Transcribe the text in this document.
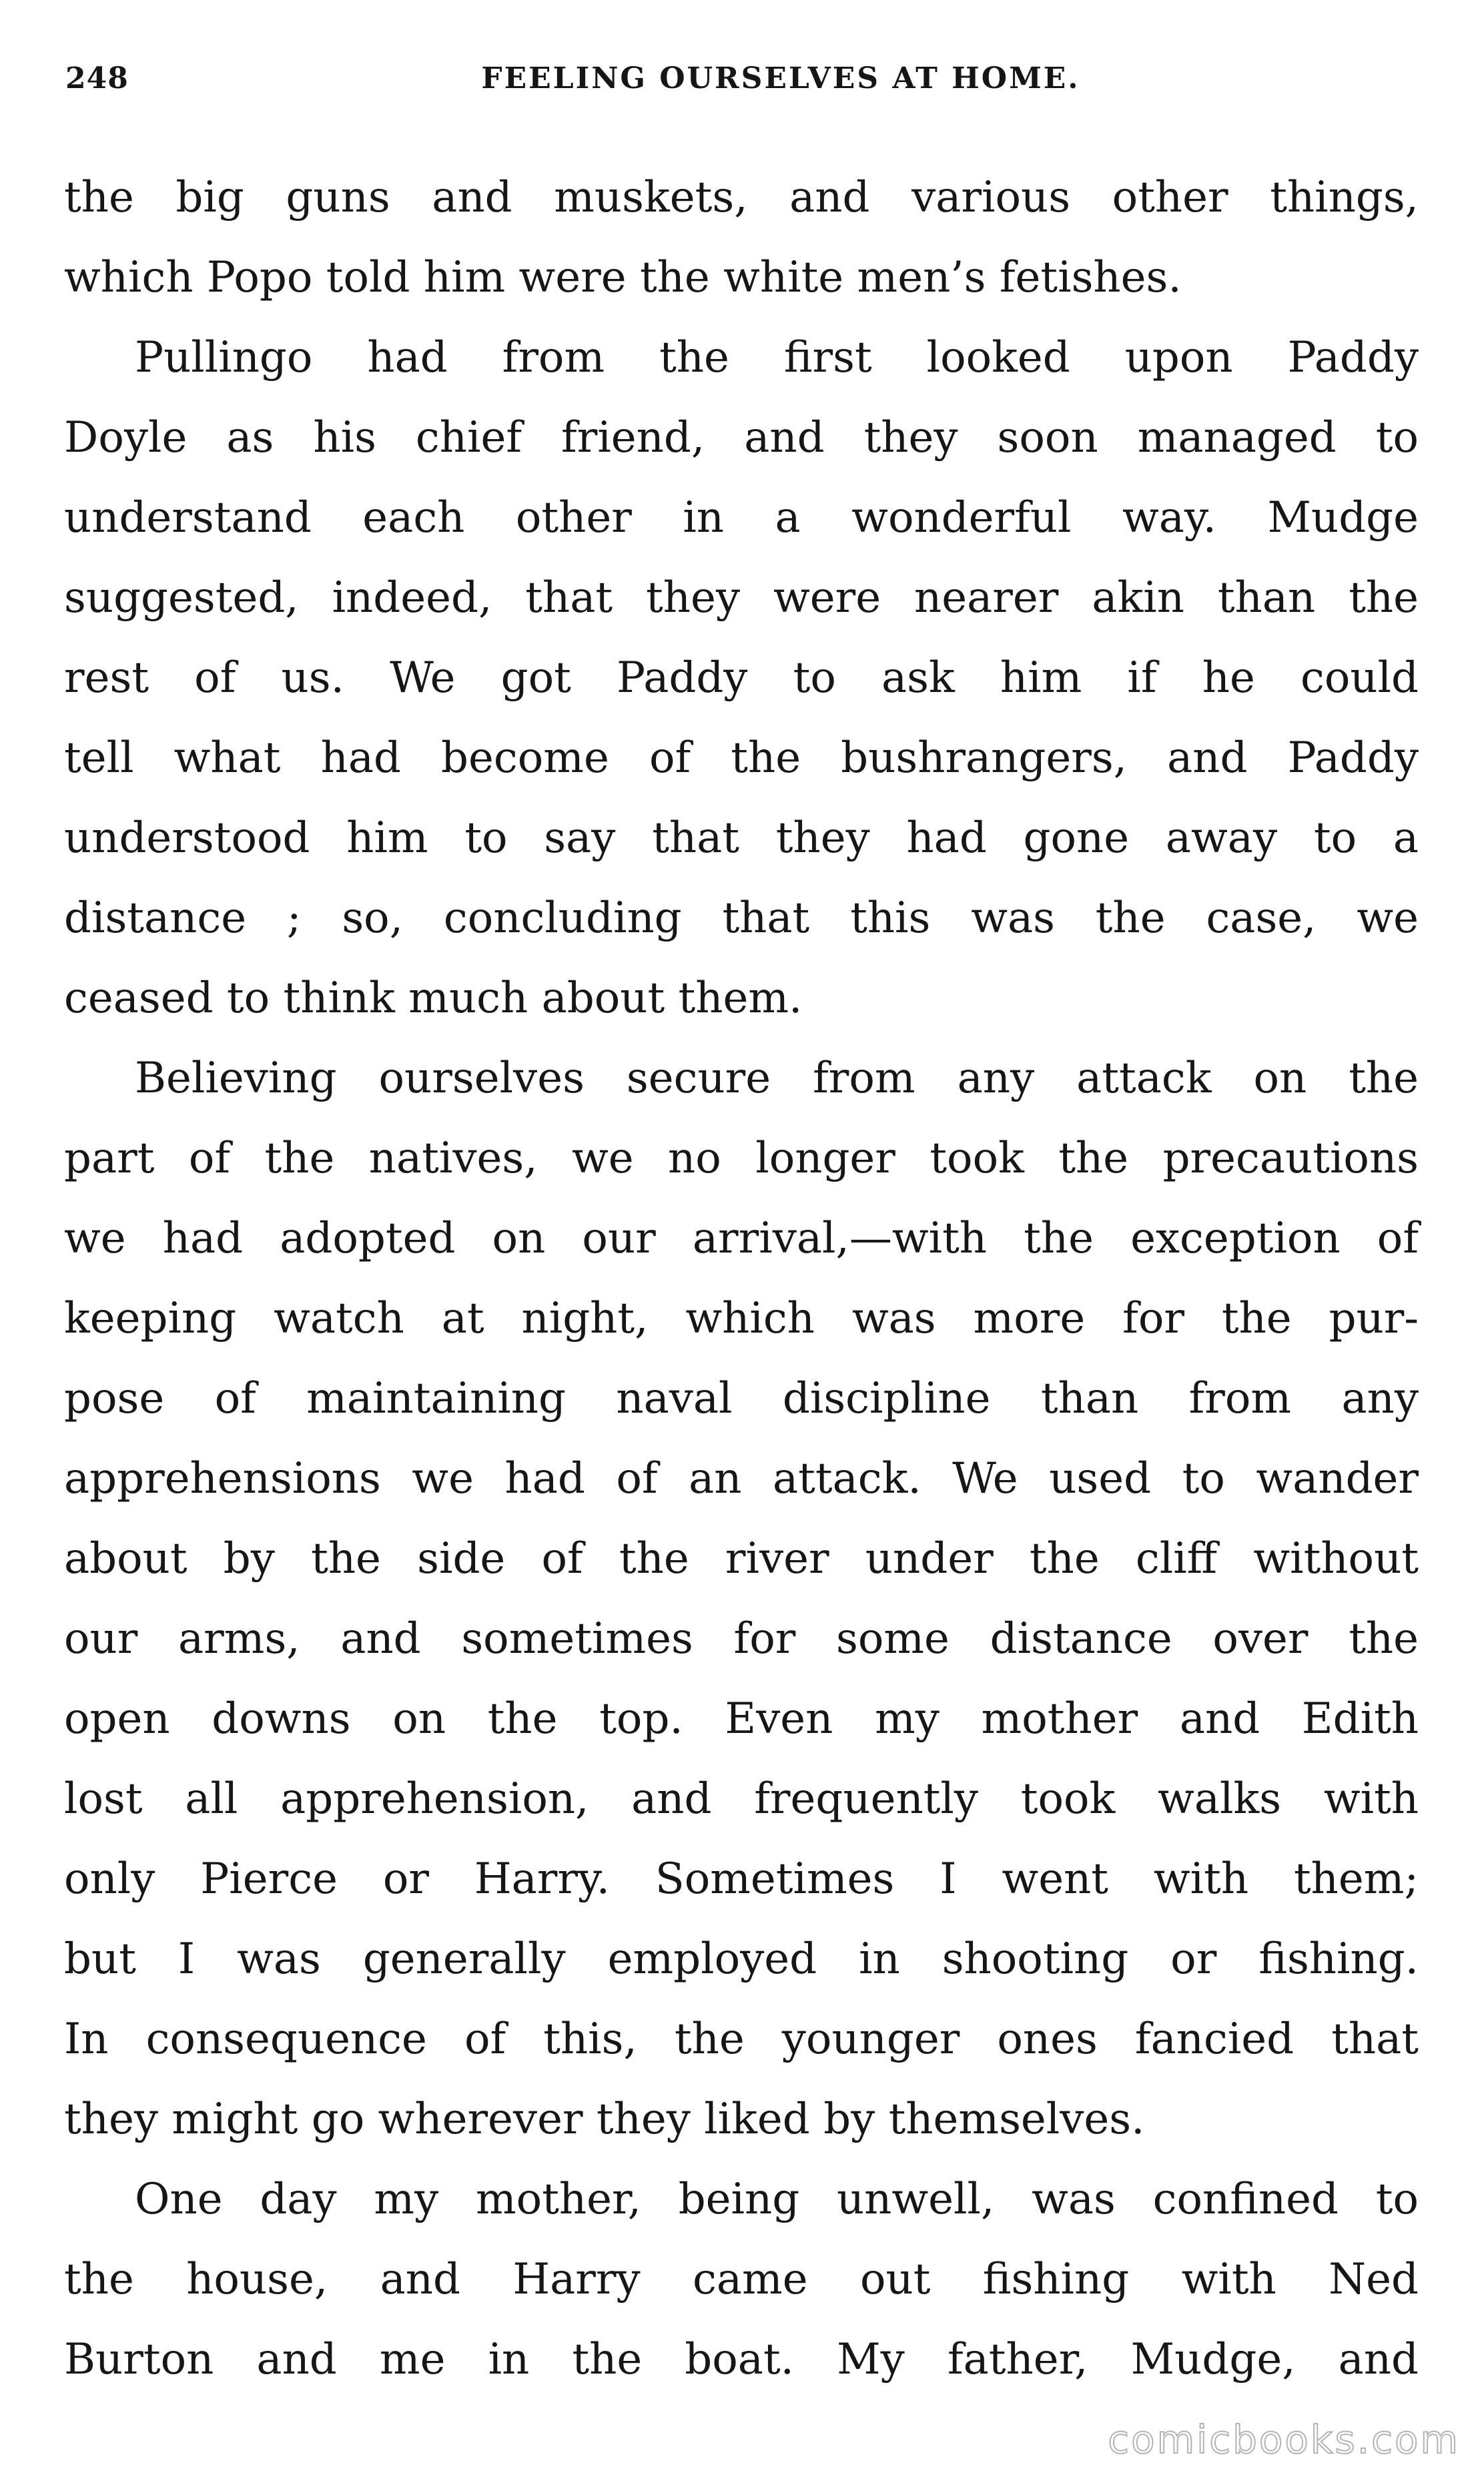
248	FEELING OURSELVES AT HOME.
the big guns and muskets, and various other things,
which Popo told him were the white men’s fetishes.
Pullingo had from the first looked upon Paddy
Doyle as his chief friend, and they soon managed to
understand each other in a wonderful way. Mudge
suggested, indeed, that they were nearer akin than the
rest of us. We got Paddy to ask him if he could
tell what had become of the bushrangers, and Paddy
understood him to say that they had gone away to a
distance ; so, concluding that this was the case, we
ceased to think much about them.
Believing ourselves secure from any attack on the
part of the natives, we no longer took the precautions
we had adopted on our arrival,—with the exception of
keeping watch at night, which was more for the pur-
pose of maintaining naval discipline than from any
apprehensions we had of an attack. We used to wander
about by the side of the river under the cliff without
our arms, and sometimes for some distance over the
open downs on the top. Even my mother and Edith
lost all apprehension, and frequently took walks with
only Pierce or Harry. Sometimes I went with them;
but I was generally employed in shooting or fishing.
In consequence of this, the younger ones fancied that
they might go wherever they liked by themselves.
One day my mother, being unwell, was confined to
the house, and Harry came out fishing with Ned
Burton and me in the boat. My father, Mudge, and
comicbooks.com
